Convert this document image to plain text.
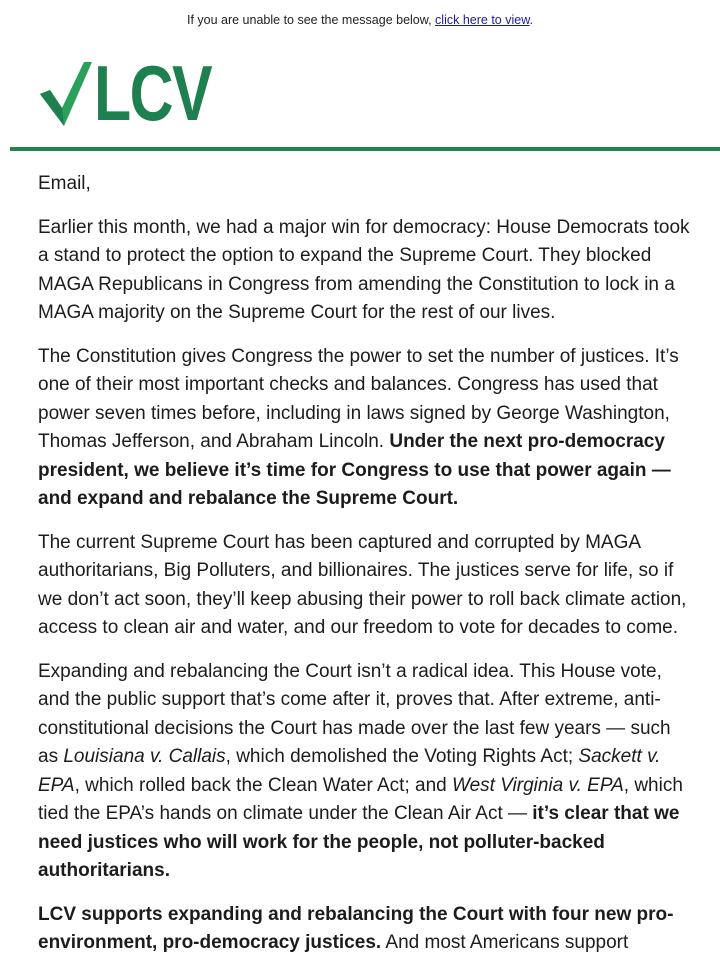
If you are unable to see the message below, click here to view.
LCV

Email,

Earlier this month, we had a major win for democracy: House Democrats took a stand to protect the option to expand the Supreme Court. They blocked MAGA Republicans in Congress from amending the Constitution to lock in a MAGA majority on the Supreme Court for the rest of our lives.

The Constitution gives Congress the power to set the number of justices. It’s one of their most important checks and balances. Congress has used that power seven times before, including in laws signed by George Washington, Thomas Jefferson, and Abraham Lincoln. Under the next pro-democracy president, we believe it’s time for Congress to use that power again — and expand and rebalance the Supreme Court.

The current Supreme Court has been captured and corrupted by MAGA authoritarians, Big Polluters, and billionaires. The justices serve for life, so if we don’t act soon, they’ll keep abusing their power to roll back climate action, access to clean air and water, and our freedom to vote for decades to come.

Expanding and rebalancing the Court isn’t a radical idea. This House vote, and the public support that’s come after it, proves that. After extreme, anti-constitutional decisions the Court has made over the last few years — such as Louisiana v. Callais, which demolished the Voting Rights Act; Sackett v. EPA, which rolled back the Clean Water Act; and West Virginia v. EPA, which tied the EPA’s hands on climate under the Clean Air Act — it’s clear that we need justices who will work for the people, not polluter-backed authoritarians.

LCV supports expanding and rebalancing the Court with four new pro-environment, pro-democracy justices. And most Americans support
